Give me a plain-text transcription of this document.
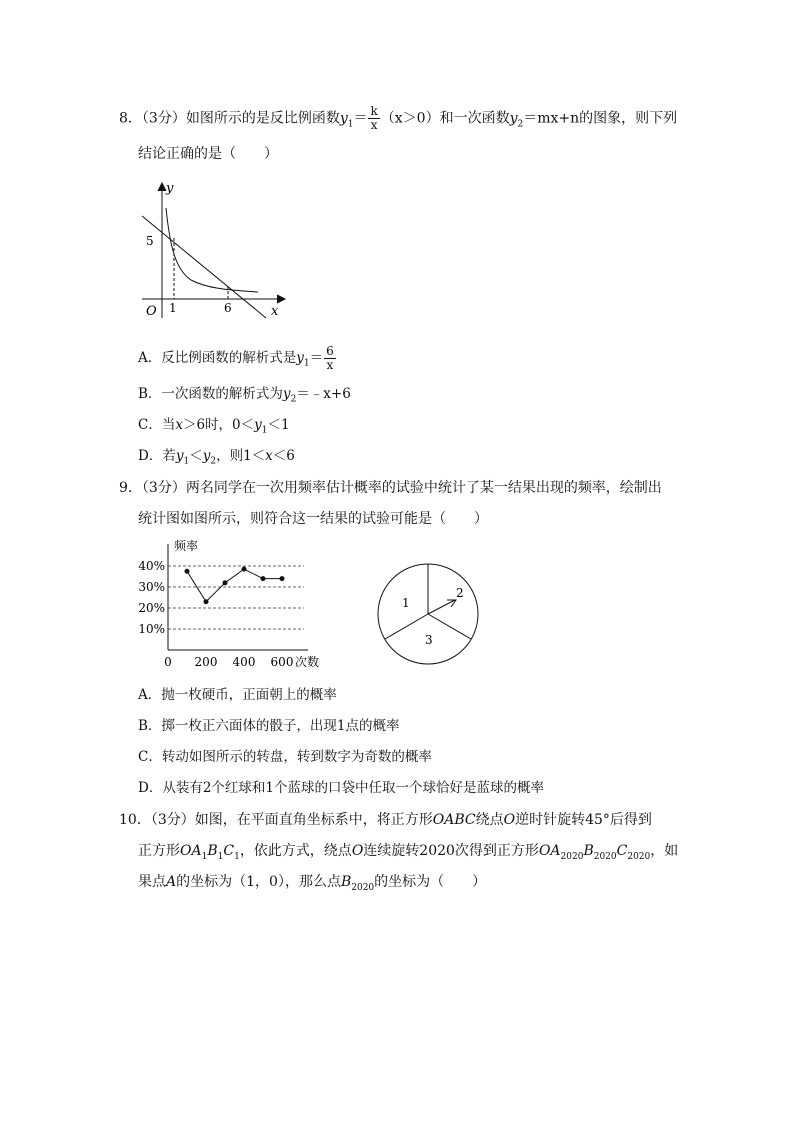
8．（3分）如图所示的是反比例函数$y_1= \frac{k}{x} (x>0)$和一次函数$y_2=mx+n$的图象，则下列
结论正确的是（　　）
y
x
O
5
1	6
A．反比例函数的解析式是$y_1= \frac{6}{x}$
B．一次函数的解析式为$y_2=﹣x+6$
C．当x＞6时，$0<y_1<1$
D．若$y_1<y_2$，则1＜x＜6
9．（3分）两名同学在一次用频率估计概率的试验中统计了某一结果出现的频率，绘制出
统计图如图所示，则符合这一结果的试验可能是（　　）
10%
20%
30%
40%
0 200 400 600
频率
次数
1
2
3
A．抛一枚硬币，正面朝上的概率
B．掷一枚正六面体的骰子，出现1点的概率
C．转动如图所示的转盘，转到数字为奇数的概率
D．从装有2个红球和1个蓝球的口袋中任取一个球恰好是蓝球的概率
10．（3分）如图，在平面直角坐标系中，将正方形OABC绕点O逆时针旋转45°后得到
正方形$OA_1B_1C_1$，依此方式，绕点O连续旋转2020次得到正方形$OA_{2020}B_{2020}C_{2020}$，如
果点A的坐标为（1，0），那么点$B_{2020}$的坐标为（　　）
